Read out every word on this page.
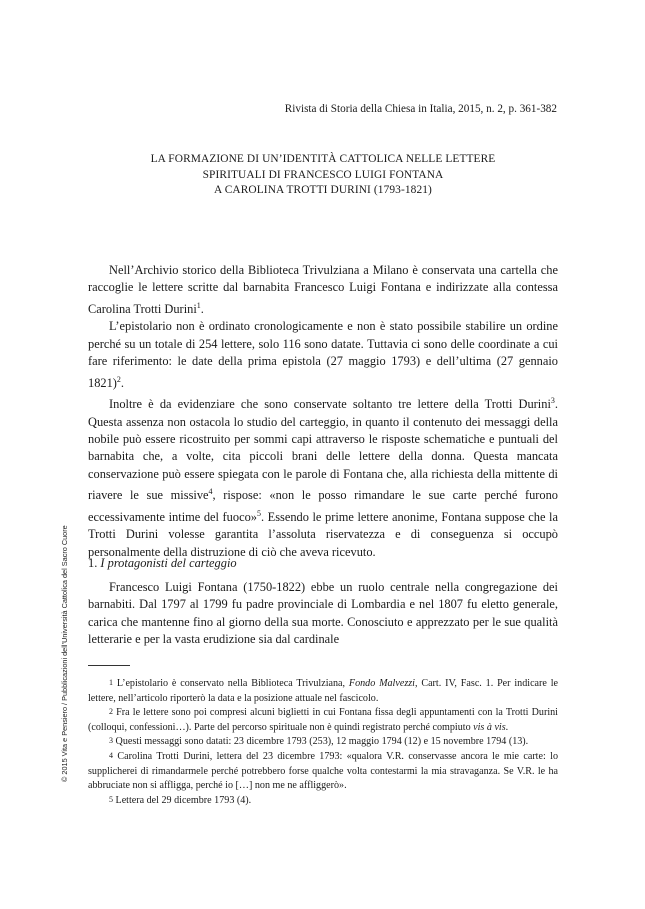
Rivista di Storia della Chiesa in Italia, 2015, n. 2, p. 361-382
LA FORMAZIONE DI UN’IDENTITÀ CATTOLICA NELLE LETTERE
SPIRITUALI DI FRANCESCO LUIGI FONTANA
A CAROLINA TROTTI DURINI (1793-1821)

Nell’Archivio storico della Biblioteca Trivulziana a Milano è conservata una cartella che raccoglie le lettere scritte dal barnabita Francesco Luigi Fontana e indirizzate alla contessa Carolina Trotti Durini$^1$.

L’epistolario non è ordinato cronologicamente e non è stato possibile stabilire un ordine perché su un totale di 254 lettere, solo 116 sono datate. Tuttavia ci sono delle coordinate a cui fare riferimento: le date della prima epistola (27 maggio 1793) e dell’ultima (27 gennaio 1821)$^2$.

Inoltre è da evidenziare che sono conservate soltanto tre lettere della Trotti Durini$^3$. Questa assenza non ostacola lo studio del carteggio, in quanto il contenuto dei messaggi della nobile può essere ricostruito per sommi capi attraverso le risposte schematiche e puntuali del barnabita che, a volte, cita piccoli brani delle lettere della donna. Questa mancata conservazione può essere spiegata con le parole di Fontana che, alla richiesta della mittente di riavere le sue missive$^4$, rispose: «non le posso rimandare le sue carte perché furono eccessivamente intime del fuoco»$^5$. Essendo le prime lettere anonime, Fontana suppose che la Trotti Durini volesse garantita l’assoluta riservatezza e di conseguenza si occupò personalmente della distruzione di ciò che aveva ricevuto.

1. I protagonisti del carteggio

Francesco Luigi Fontana (1750-1822) ebbe un ruolo centrale nella congregazione dei barnabiti. Dal 1797 al 1799 fu padre provinciale di Lombardia e nel 1807 fu eletto generale, carica che mantenne fino al giorno della sua morte. Conosciuto e apprezzato per le sue qualità letterarie e per la vasta erudizione sia dal cardinale

$^1$ L’epistolario è conservato nella Biblioteca Trivulziana, Fondo Malvezzi, Cart. IV, Fasc. 1. Per indicare le lettere, nell’articolo riporterò la data e la posizione attuale nel fascicolo.

$^2$ Fra le lettere sono poi compresi alcuni biglietti in cui Fontana fissa degli appuntamenti con la Trotti Durini (colloqui, confessioni…). Parte del percorso spirituale non è quindi registrato perché compiuto vis à vis.

$^3$ Questi messaggi sono datati: 23 dicembre 1793 (253), 12 maggio 1794 (12) e 15 novembre 1794 (13).

$^4$ Carolina Trotti Durini, lettera del 23 dicembre 1793: «qualora V.R. conservasse ancora le mie carte: lo supplicherei di rimandarmele perché potrebbero forse qualche volta contestarmi la mia stravaganza. Se V.R. le ha abbruciate non si affligga, perché io […] non me ne affliggerò».

$^5$ Lettera del 29 dicembre 1793 (4).

© 2015 Vita e Pensiero / Pubblicazioni dell’Università Cattolica del Sacro Cuore
